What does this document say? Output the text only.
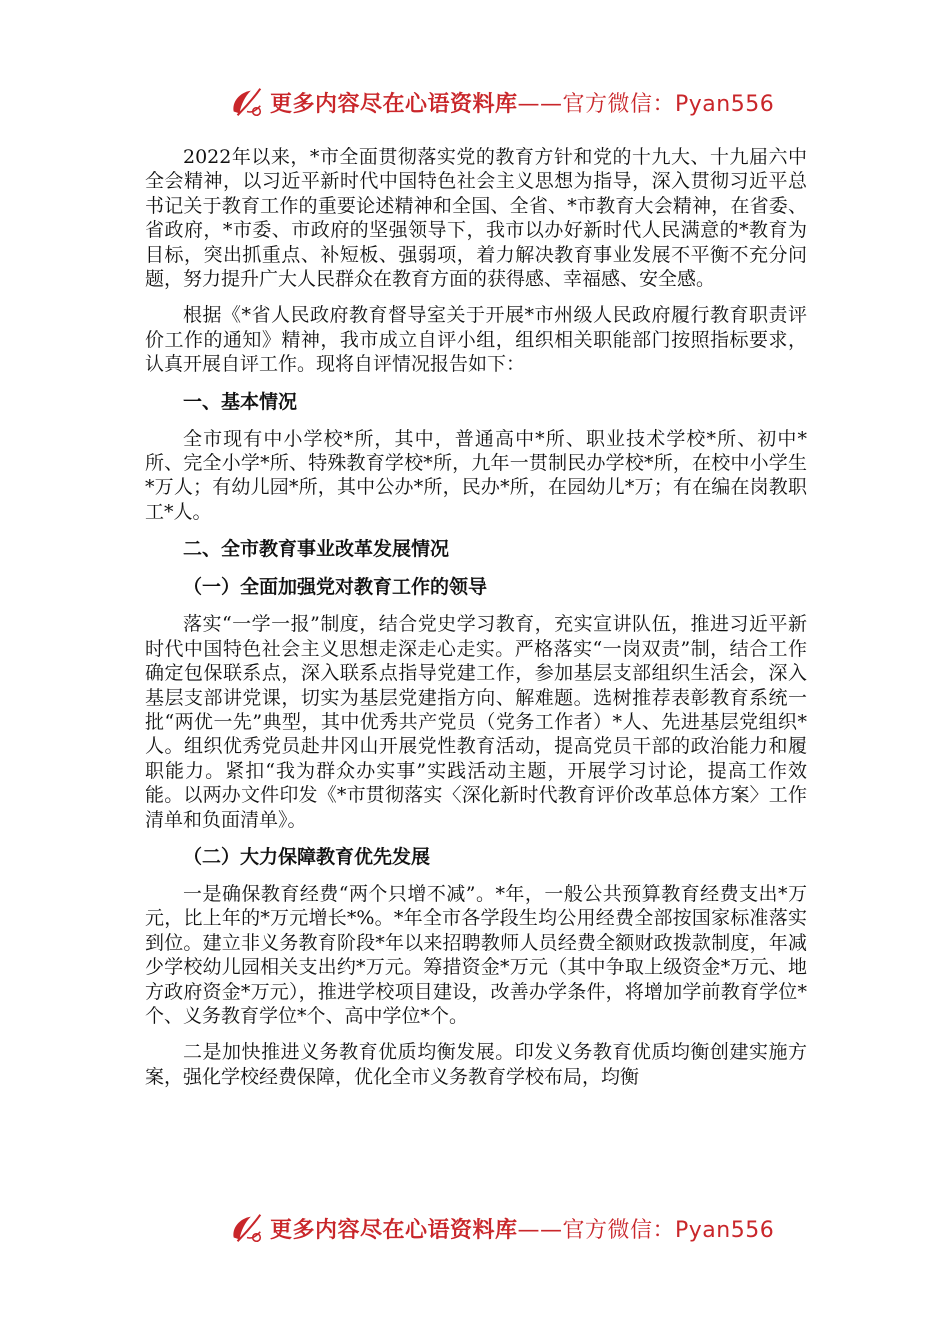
更多内容尽在心语资料库——官方微信：Pyan556

2022年以来，*市全面贯彻落实党的教育方针和党的十九大、十九届六中全会精神，以习近平新时代中国特色社会主义思想为指导，深入贯彻习近平总书记关于教育工作的重要论述精神和全国、全省、*市教育大会精神，在省委、省政府，*市委、市政府的坚强领导下，我市以办好新时代人民满意的*教育为目标，突出抓重点、补短板、强弱项，着力解决教育事业发展不平衡不充分问题，努力提升广大人民群众在教育方面的获得感、幸福感、安全感。

根据《*省人民政府教育督导室关于开展*市州级人民政府履行教育职责评价工作的通知》精神，我市成立自评小组，组织相关职能部门按照指标要求，认真开展自评工作。现将自评情况报告如下：

一、基本情况

全市现有中小学校*所，其中，普通高中*所、职业技术学校*所、初中*所、完全小学*所、特殊教育学校*所，九年一贯制民办学校*所，在校中小学生*万人；有幼儿园*所，其中公办*所，民办*所，在园幼儿*万；有在编在岗教职工*人。

二、全市教育事业改革发展情况
（一）全面加强党对教育工作的领导

落实“一学一报”制度，结合党史学习教育，充实宣讲队伍，推进习近平新时代中国特色社会主义思想走深走心走实。严格落实“一岗双责”制，结合工作确定包保联系点，深入联系点指导党建工作，参加基层支部组织生活会，深入基层支部讲党课，切实为基层党建指方向、解难题。选树推荐表彰教育系统一批“两优一先”典型，其中优秀共产党员（党务工作者）*人、先进基层党组织*人。组织优秀党员赴井冈山开展党性教育活动，提高党员干部的政治能力和履职能力。紧扣“我为群众办实事”实践活动主题，开展学习讨论，提高工作效能。以两办文件印发《*市贯彻落实〈深化新时代教育评价改革总体方案〉工作清单和负面清单》。

（二）大力保障教育优先发展

一是确保教育经费“两个只增不减”。*年，一般公共预算教育经费支出*万元，比上年的*万元增长*%。*年全市各学段生均公用经费全部按国家标准落实到位。建立非义务教育阶段*年以来招聘教师人员经费全额财政拨款制度，年减少学校幼儿园相关支出约*万元。筹措资金*万元（其中争取上级资金*万元、地方政府资金*万元），推进学校项目建设，改善办学条件，将增加学前教育学位*个、义务教育学位*个、高中学位*个。

二是加快推进义务教育优质均衡发展。印发义务教育优质均衡创建实施方案，强化学校经费保障，优化全市义务教育学校布局，均衡

更多内容尽在心语资料库——官方微信：Pyan556
